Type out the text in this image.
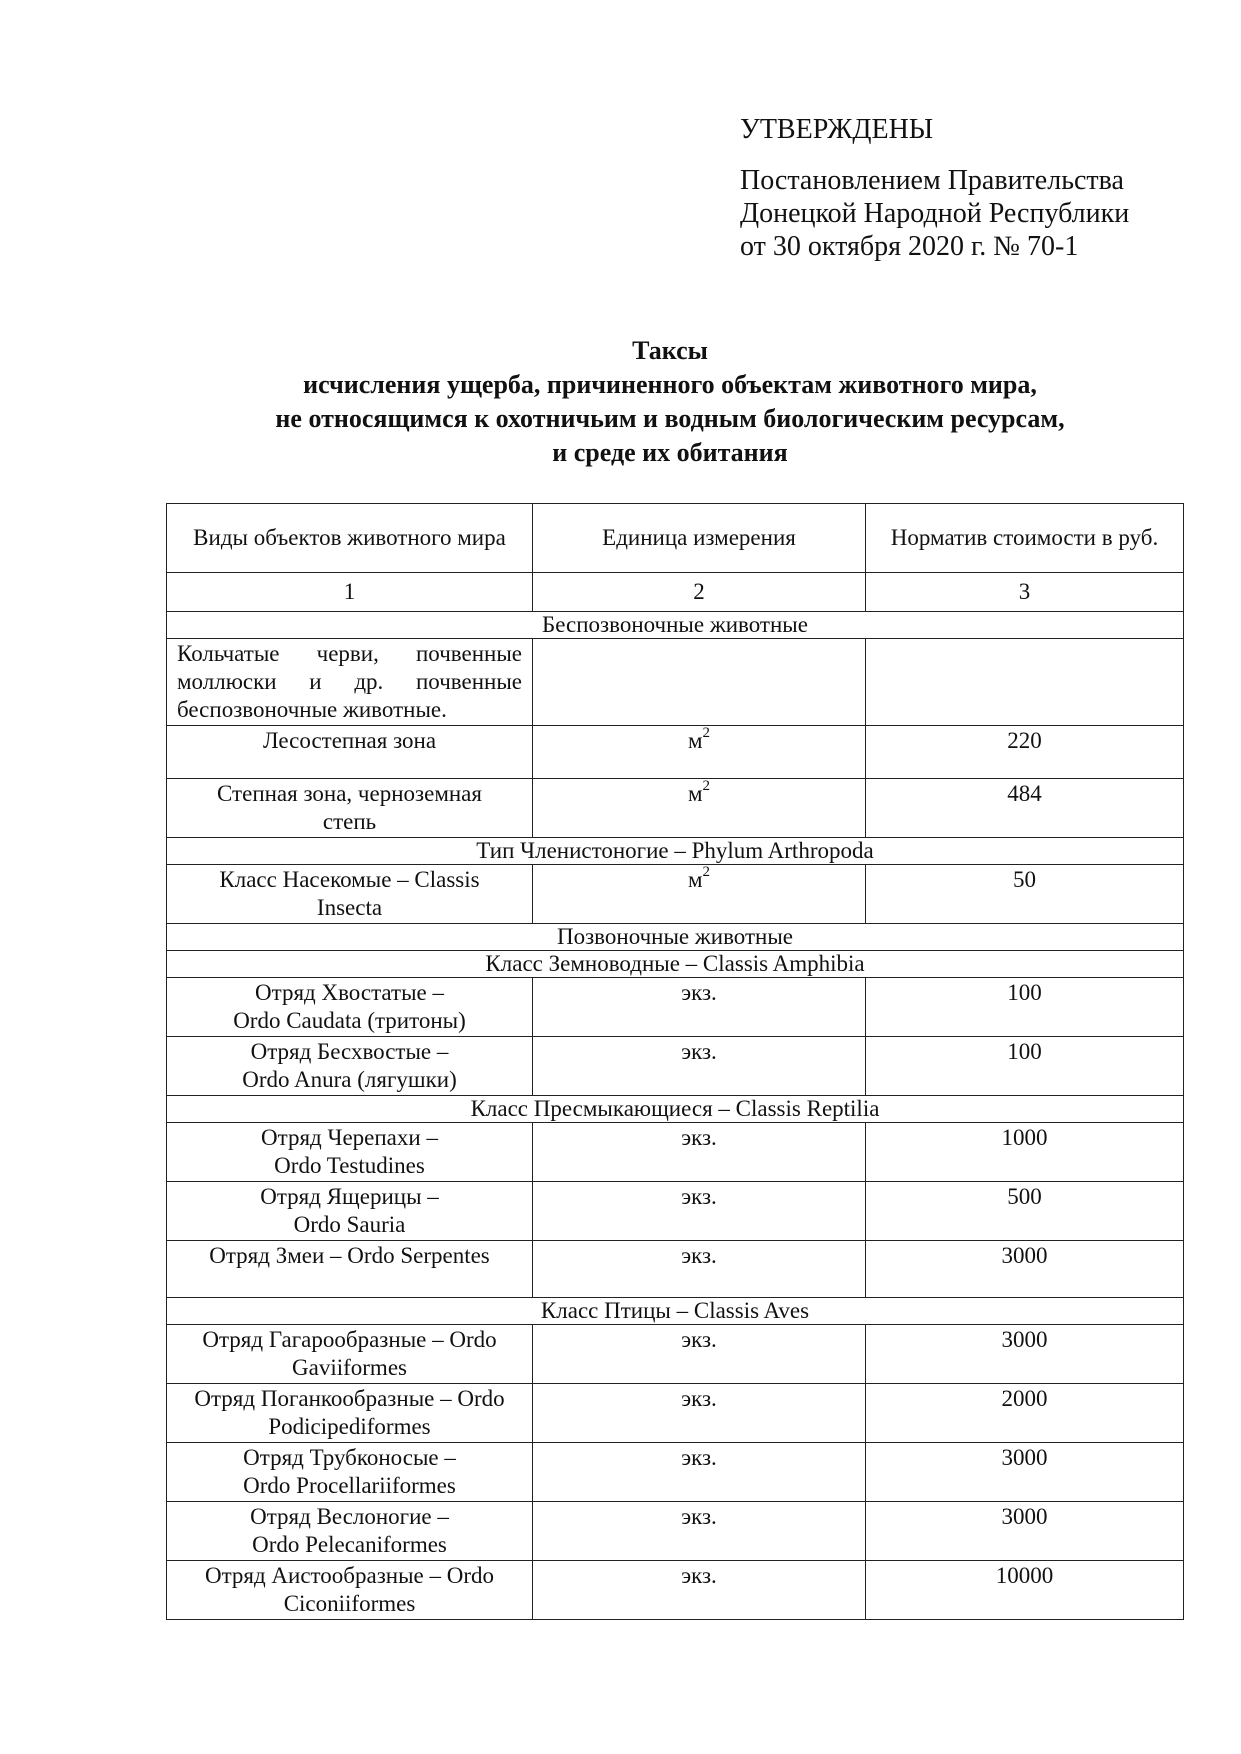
УТВЕРЖДЕНЫ
Постановлением Правительства
Донецкой Народной Республики
от 30 октября 2020 г. № 70-1
Таксы
исчисления ущерба, причиненного объектам животного мира,
не относящимся к охотничьим и водным биологическим ресурсам,
и среде их обитания
Виды объектов животного мира	Единица измерения	Норматив стоимости в руб.
1	2	3
Беспозвоночные животные		

Кольчатые черви, почвенные
моллюски и др. почвенные
беспозвоночные животные.		

Лесостепная зона	$м^2$	220

Степная зона, черноземная
степь	$м^2$	484
Тип Членистоногие – Phylum Arthropoda		

Класс Насекомые – Classis
Insecta	$м^2$	50
Позвоночные животные		
Класс Земноводные – Classis Amphibia		

Отряд Хвостатые –
Ordo Caudata (тритоны)	экз.	100

Отряд Бесхвостые –
Ordo Anura (лягушки)	экз.	100
Класс Пресмыкающиеся – Classis Reptilia		

Отряд Черепахи –
Ordo Testudines	экз.	1000

Отряд Ящерицы –
Ordo Sauria	экз.	500
Отряд Змеи – Ordo Serpentes	экз.	3000
Класс Птицы – Classis Aves		

Отряд Гагарообразные – Ordo
Gaviiformes	экз.	3000

Отряд Поганкообразные – Ordo
Podicipediformes	экз.	2000

Отряд Трубконосые –
Ordo Procellariiformes	экз.	3000

Отряд Веслоногие –
Ordo Pelecaniformes	экз.	3000

Отряд Аистообразные – Ordo
Ciconiiformes	экз.	10000
